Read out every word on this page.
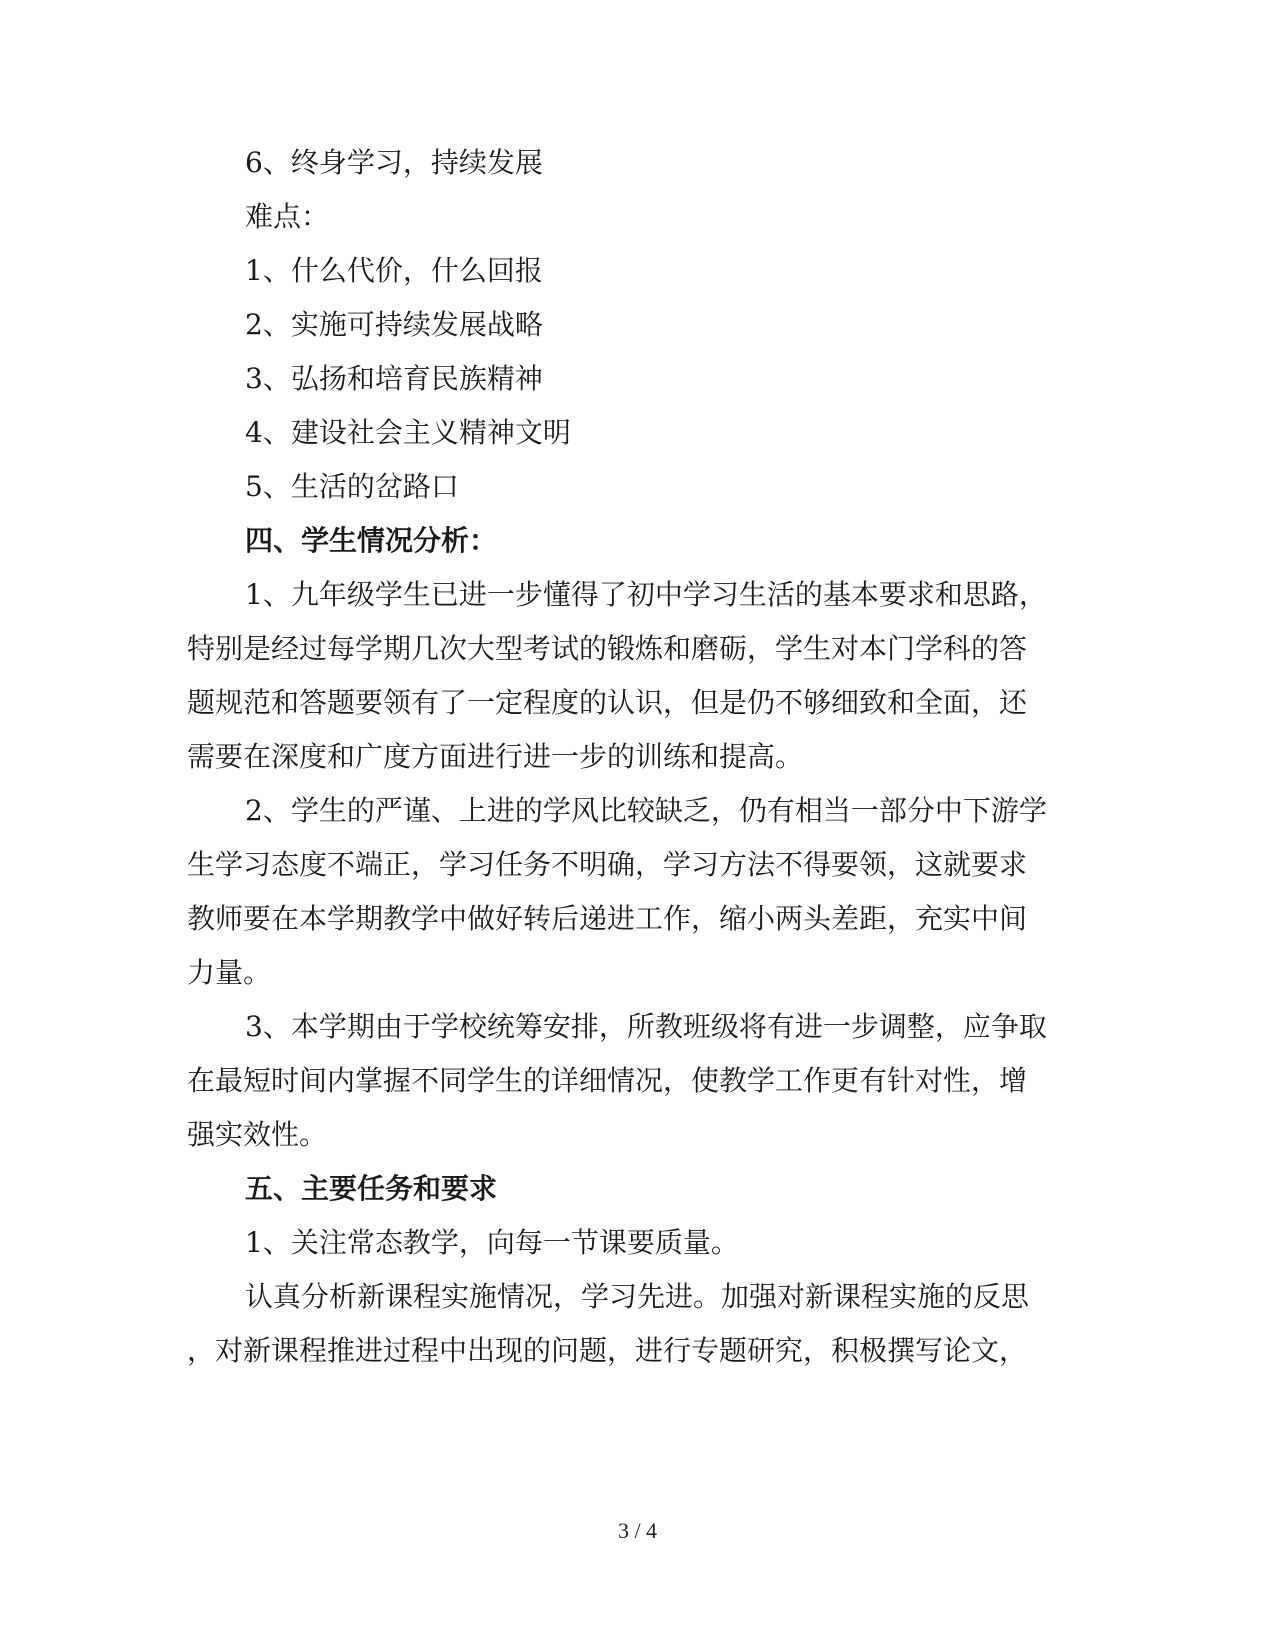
6、终身学习，持续发展
难点：
1、什么代价，什么回报
2、实施可持续发展战略
3、弘扬和培育民族精神
4、建设社会主义精神文明
5、生活的岔路口
四、学生情况分析：
1、九年级学生已进一步懂得了初中学习生活的基本要求和思路，
特别是经过每学期几次大型考试的锻炼和磨砺，学生对本门学科的答
题规范和答题要领有了一定程度的认识，但是仍不够细致和全面，还
需要在深度和广度方面进行进一步的训练和提高。
2、学生的严谨、上进的学风比较缺乏，仍有相当一部分中下游学
生学习态度不端正，学习任务不明确，学习方法不得要领，这就要求
教师要在本学期教学中做好转后递进工作，缩小两头差距，充实中间
力量。
3、本学期由于学校统筹安排，所教班级将有进一步调整，应争取
在最短时间内掌握不同学生的详细情况，使教学工作更有针对性，增
强实效性。
五、主要任务和要求
1、关注常态教学，向每一节课要质量。
认真分析新课程实施情况，学习先进。加强对新课程实施的反思
，对新课程推进过程中出现的问题，进行专题研究，积极撰写论文，
3 / 4
